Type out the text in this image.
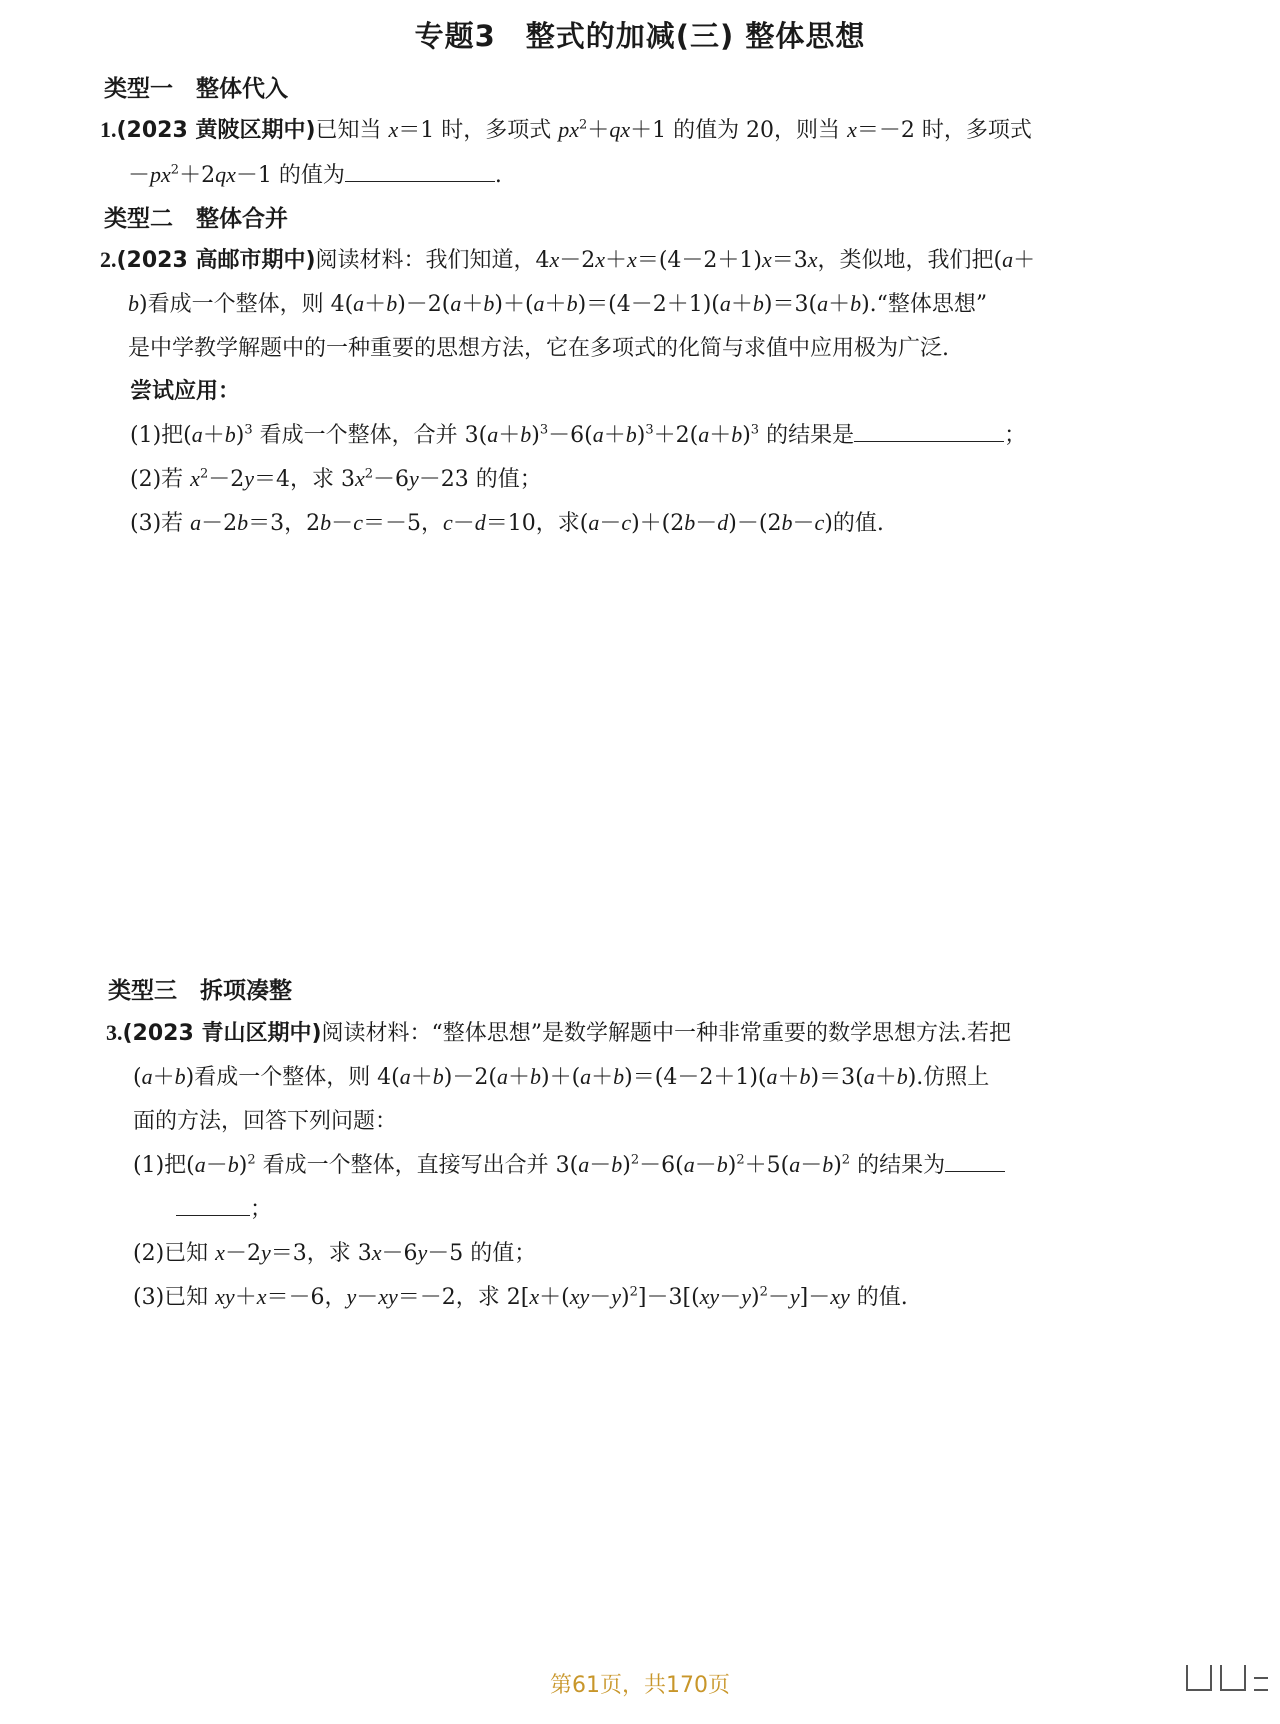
专题3　整式的加减(三) 整体思想
类型一　整体代入
1.(2023 黄陂区期中)已知当 x＝1 时，多项式 $px^2+qx+1$ 的值为 20，则当 x＝－2 时，多项式
$-px^2+2qx-1$ 的值为	.
类型二　整体合并
2.(2023 高邮市期中)阅读材料：我们知道，4x－2x＋x＝(4－2＋1)x＝3x，类似地，我们把(a＋
b)看成一个整体，则 4(a＋b)－2(a＋b)＋(a＋b)＝(4－2＋1)(a＋b)＝3(a＋b).“整体思想”
是中学教学解题中的一种重要的思想方法，它在多项式的化简与求值中应用极为广泛.
尝试应用：
(1)把$(a+b)^3$ 看成一个整体，合并 $3(a+b)^3-6(a+b)^3+2(a+b)^3$ 的结果是	；
(2)若 $x^2-2y=4$，求 $3x^2-6y-23$ 的值；
(3)若 a－2b＝3，2b－c＝－5，c－d＝10，求(a－c)＋(2b－d)－(2b－c)的值.
类型三　拆项凑整
3.(2023 青山区期中)阅读材料：“整体思想”是数学解题中一种非常重要的数学思想方法.若把
(a＋b)看成一个整体，则 4(a＋b)－2(a＋b)＋(a＋b)＝(4－2＋1)(a＋b)＝3(a＋b).仿照上
面的方法，回答下列问题：
(1)把$(a-b)^2$ 看成一个整体，直接写出合并 $3(a-b)^2-6(a-b)^2+5(a-b)^2$ 的结果为
；
(2)已知 x－2y＝3，求 3x－6y－5 的值；
(3)已知 xy＋x＝－6，y－xy＝－2，求 $2[x+(xy-y)^2]-3[(xy-y)^2-y]-xy$ 的值.
第61页，共170页
